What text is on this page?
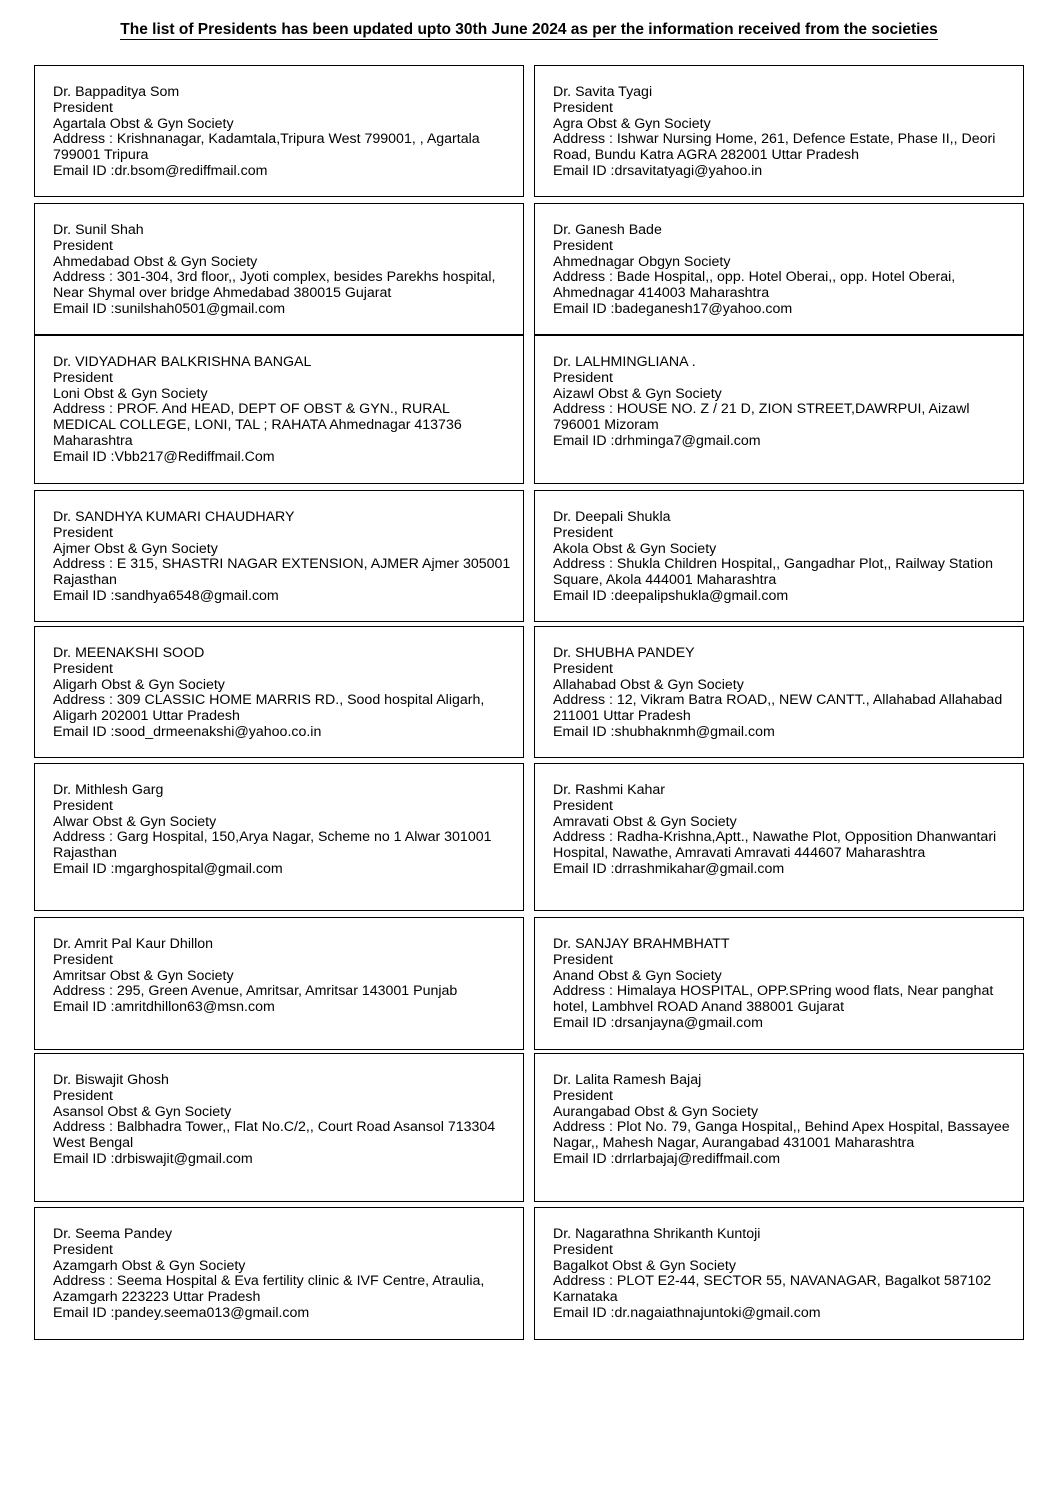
The list of Presidents has been updated upto 30th June 2024 as per the information received from the societies
Dr. Bappaditya Som
President
Agartala Obst & Gyn Society
Address : Krishnanagar, Kadamtala,Tripura West 799001, , Agartala 799001 Tripura
Email ID :dr.bsom@rediffmail.com
Dr. Savita Tyagi
President
Agra Obst & Gyn Society
Address : Ishwar Nursing Home, 261, Defence Estate, Phase II,, Deori Road, Bundu Katra AGRA 282001 Uttar Pradesh
Email ID :drsavitatyagi@yahoo.in
Dr. Sunil Shah
President
Ahmedabad Obst & Gyn Society
Address : 301-304, 3rd floor,, Jyoti complex, besides Parekhs hospital, Near Shymal over bridge Ahmedabad 380015 Gujarat
Email ID :sunilshah0501@gmail.com
Dr. Ganesh Bade
President
Ahmednagar Obgyn Society
Address : Bade Hospital,, opp. Hotel Oberai,, opp. Hotel Oberai, Ahmednagar 414003 Maharashtra
Email ID :badeganesh17@yahoo.com
Dr. VIDYADHAR BALKRISHNA BANGAL
President
Loni Obst & Gyn Society
Address : PROF. And HEAD, DEPT OF OBST & GYN., RURAL MEDICAL COLLEGE, LONI, TAL ; RAHATA Ahmednagar 413736 Maharashtra
Email ID :Vbb217@Rediffmail.Com
Dr. LALHMINGLIANA .
President
Aizawl Obst & Gyn Society
Address : HOUSE NO. Z / 21 D, ZION STREET,DAWRPUI, Aizawl 796001 Mizoram
Email ID :drhminga7@gmail.com
Dr. SANDHYA KUMARI CHAUDHARY
President
Ajmer Obst & Gyn Society
Address : E 315, SHASTRI NAGAR EXTENSION, AJMER Ajmer 305001 Rajasthan
Email ID :sandhya6548@gmail.com
Dr. Deepali Shukla
President
Akola Obst & Gyn Society
Address : Shukla Children Hospital,, Gangadhar Plot,, Railway Station Square, Akola 444001 Maharashtra
Email ID :deepalipshukla@gmail.com
Dr. MEENAKSHI SOOD
President
Aligarh Obst & Gyn Society
Address : 309 CLASSIC HOME MARRIS RD., Sood hospital Aligarh, Aligarh 202001 Uttar Pradesh
Email ID :sood_drmeenakshi@yahoo.co.in
Dr. SHUBHA PANDEY
President
Allahabad Obst & Gyn Society
Address : 12, Vikram Batra ROAD,, NEW CANTT., Allahabad Allahabad 211001 Uttar Pradesh
Email ID :shubhaknmh@gmail.com
Dr. Mithlesh Garg
President
Alwar Obst & Gyn Society
Address : Garg Hospital, 150,Arya Nagar, Scheme no 1 Alwar 301001 Rajasthan
Email ID :mgarghospital@gmail.com
Dr. Rashmi Kahar
President
Amravati Obst & Gyn Society
Address : Radha-Krishna,Aptt., Nawathe Plot, Opposition Dhanwantari Hospital, Nawathe, Amravati Amravati 444607 Maharashtra
Email ID :drrashmikahar@gmail.com
Dr. Amrit Pal Kaur Dhillon
President
Amritsar Obst & Gyn Society
Address : 295, Green Avenue, Amritsar, Amritsar 143001 Punjab
Email ID :amritdhillon63@msn.com
Dr. SANJAY BRAHMBHATT
President
Anand Obst & Gyn Society
Address : Himalaya HOSPITAL, OPP.SPring wood flats, Near panghat hotel, Lambhvel ROAD Anand 388001 Gujarat
Email ID :drsanjayna@gmail.com
Dr. Biswajit Ghosh
President
Asansol Obst & Gyn Society
Address : Balbhadra Tower,, Flat No.C/2,, Court Road Asansol 713304 West Bengal
Email ID :drbiswajit@gmail.com
Dr. Lalita Ramesh Bajaj
President
Aurangabad Obst & Gyn Society
Address : Plot No. 79, Ganga Hospital,, Behind Apex Hospital, Bassayee Nagar,, Mahesh Nagar, Aurangabad 431001 Maharashtra
Email ID :drrlarbajaj@rediffmail.com
Dr. Seema Pandey
President
Azamgarh Obst & Gyn Society
Address : Seema Hospital & Eva fertility clinic & IVF Centre, Atraulia, Azamgarh 223223 Uttar Pradesh
Email ID :pandey.seema013@gmail.com
Dr. Nagarathna Shrikanth Kuntoji
President
Bagalkot Obst & Gyn Society
Address : PLOT E2-44, SECTOR 55, NAVANAGAR, Bagalkot 587102 Karnataka
Email ID :dr.nagaiathnajuntoki@gmail.com
